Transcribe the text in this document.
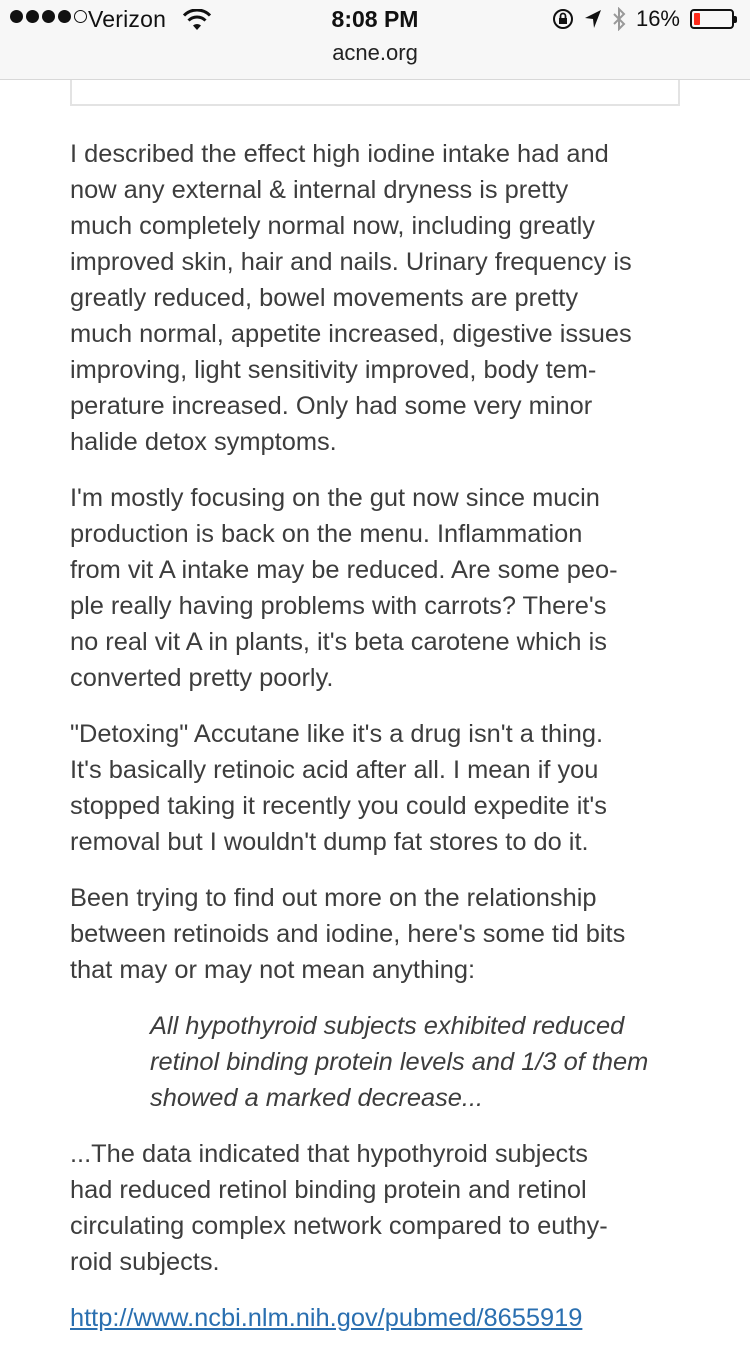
Verizon	8:08 PM	16%
acne.org

I described the effect high iodine intake had and
now any external & internal dryness is pretty
much completely normal now, including greatly
improved skin, hair and nails. Urinary frequency is
greatly reduced, bowel movements are pretty
much normal, appetite increased, digestive issues
improving, light sensitivity improved, body tem-
perature increased. Only had some very minor
halide detox symptoms.

I'm mostly focusing on the gut now since mucin
production is back on the menu. Inflammation
from vit A intake may be reduced. Are some peo-
ple really having problems with carrots? There's
no real vit A in plants, it's beta carotene which is
converted pretty poorly.

"Detoxing" Accutane like it's a drug isn't a thing.
It's basically retinoic acid after all. I mean if you
stopped taking it recently you could expedite it's
removal but I wouldn't dump fat stores to do it.

Been trying to find out more on the relationship
between retinoids and iodine, here's some tid bits
that may or may not mean anything:

All hypothyroid subjects exhibited reduced
retinol binding protein levels and 1/3 of them
showed a marked decrease...

...The data indicated that hypothyroid subjects
had reduced retinol binding protein and retinol
circulating complex network compared to euthy-
roid subjects.

http://www.ncbi.nlm.nih.gov/pubmed/8655919
